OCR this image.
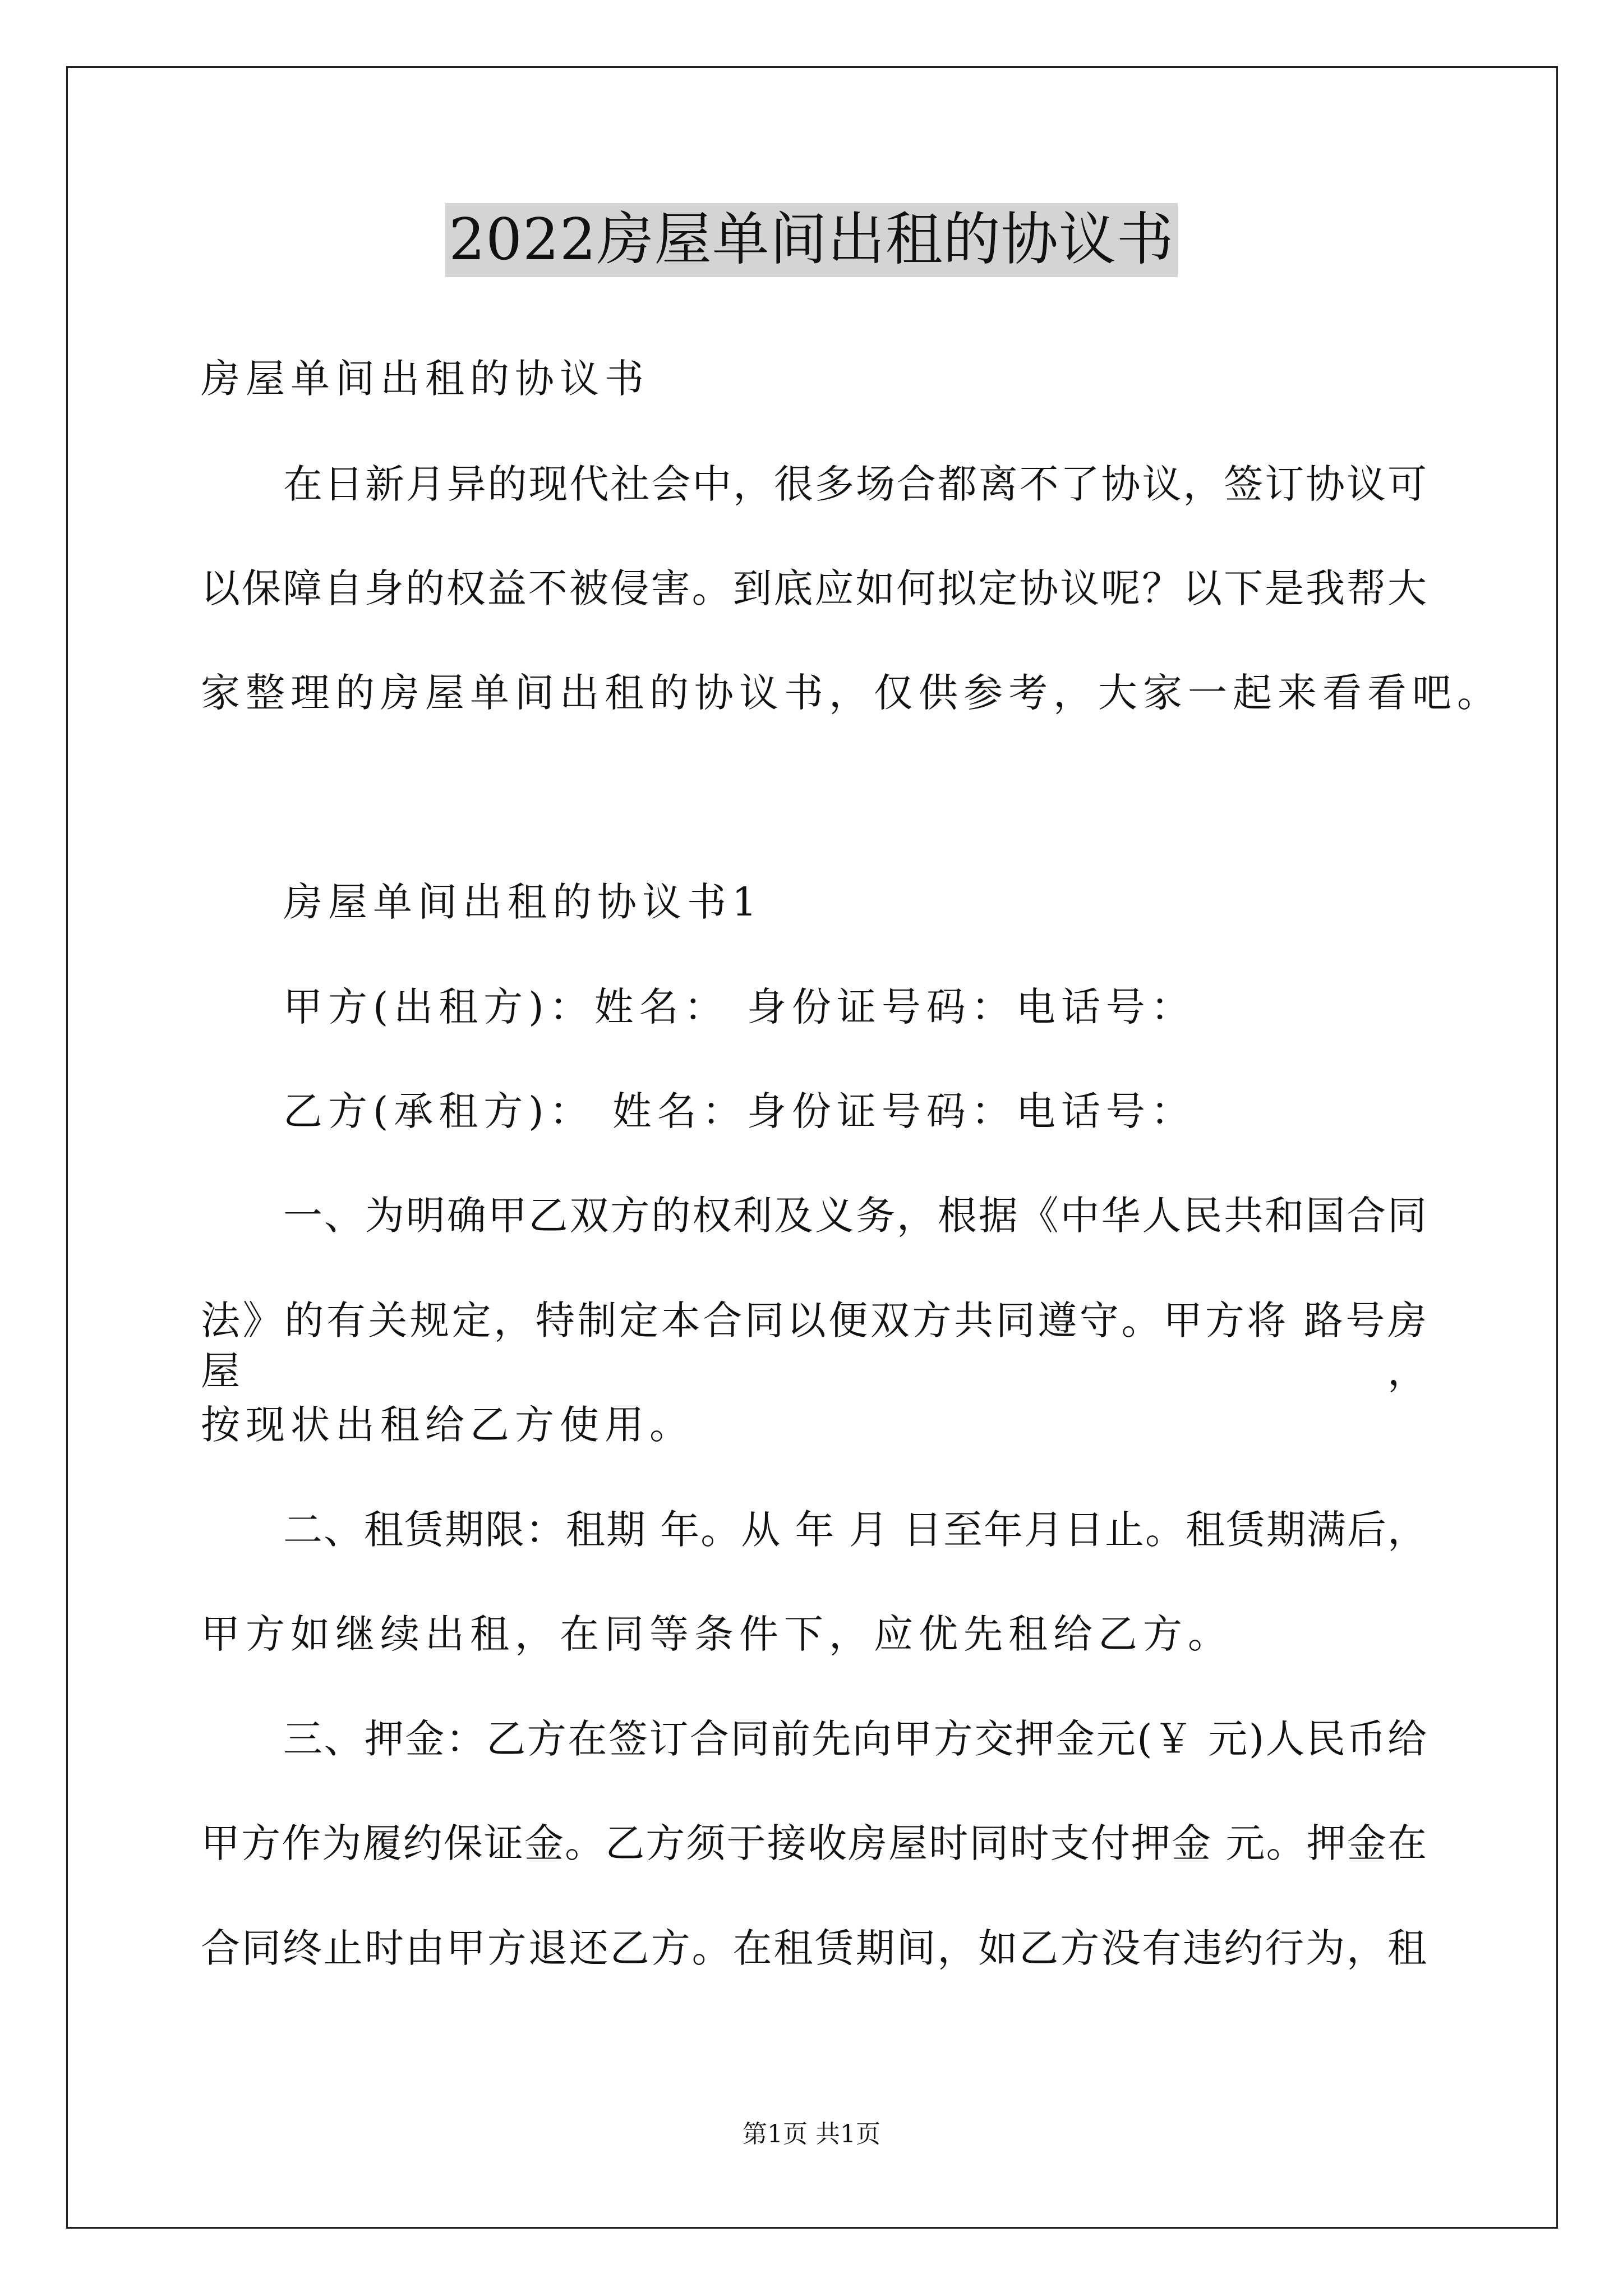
2022房屋单间出租的协议书
房屋单间出租的协议书
在日新月异的现代社会中，很多场合都离不了协议，签订协议可
以保障自身的权益不被侵害。到底应如何拟定协议呢？以下是我帮大
家整理的房屋单间出租的协议书，仅供参考，大家一起来看看吧。
房屋单间出租的协议书1
甲方(出租方)：姓名： 身份证号码：电话号：
乙方(承租方)： 姓名：身份证号码：电话号：
一、为明确甲乙双方的权利及义务，根据《中华人民共和国合同
法》的有关规定，特制定本合同以便双方共同遵守。甲方将 路号房屋，
按现状出租给乙方使用。
二、租赁期限：租期 年。从 年 月 日至年月日止。租赁期满后，
甲方如继续出租，在同等条件下，应优先租给乙方。
三、押金：乙方在签订合同前先向甲方交押金元(￥ 元)人民币给
甲方作为履约保证金。乙方须于接收房屋时同时支付押金 元。押金在
合同终止时由甲方退还乙方。在租赁期间，如乙方没有违约行为，租
第1页 共1页
